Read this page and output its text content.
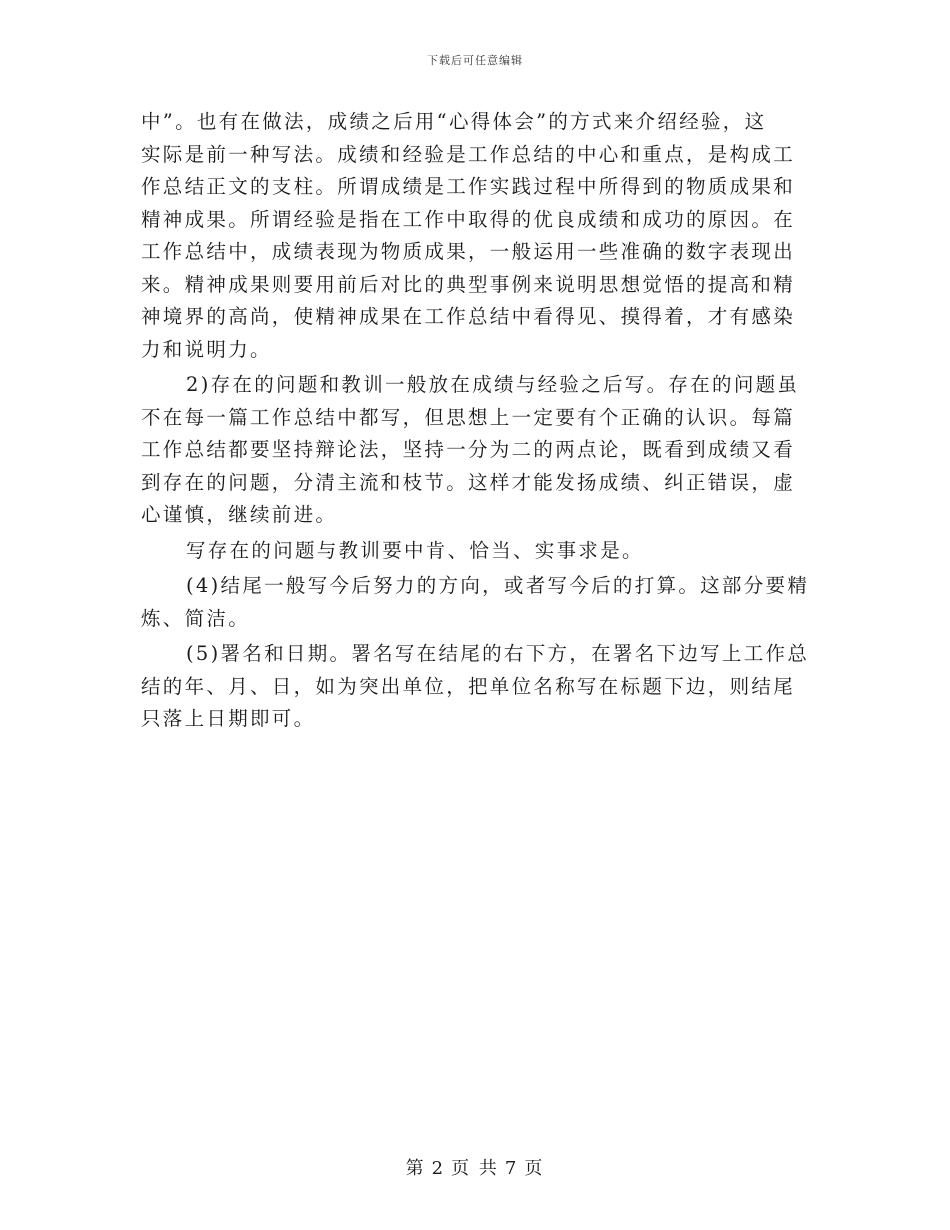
下载后可任意编辑
中”。也有在做法，成绩之后用“心得体会”的方式来介绍经验，这
实际是前一种写法。成绩和经验是工作总结的中心和重点，是构成工
作总结正文的支柱。所谓成绩是工作实践过程中所得到的物质成果和
精神成果。所谓经验是指在工作中取得的优良成绩和成功的原因。在
工作总结中，成绩表现为物质成果，一般运用一些准确的数字表现出
来。精神成果则要用前后对比的典型事例来说明思想觉悟的提高和精
神境界的高尚，使精神成果在工作总结中看得见、摸得着，才有感染
力和说明力。
2)存在的问题和教训一般放在成绩与经验之后写。存在的问题虽
不在每一篇工作总结中都写，但思想上一定要有个正确的认识。每篇
工作总结都要坚持辩论法，坚持一分为二的两点论，既看到成绩又看
到存在的问题，分清主流和枝节。这样才能发扬成绩、纠正错误，虚
心谨慎，继续前进。
写存在的问题与教训要中肯、恰当、实事求是。
(4)结尾一般写今后努力的方向，或者写今后的打算。这部分要精
炼、简洁。
(5)署名和日期。署名写在结尾的右下方，在署名下边写上工作总
结的年、月、日，如为突出单位，把单位名称写在标题下边，则结尾
只落上日期即可。
第 2 页 共 7 页
